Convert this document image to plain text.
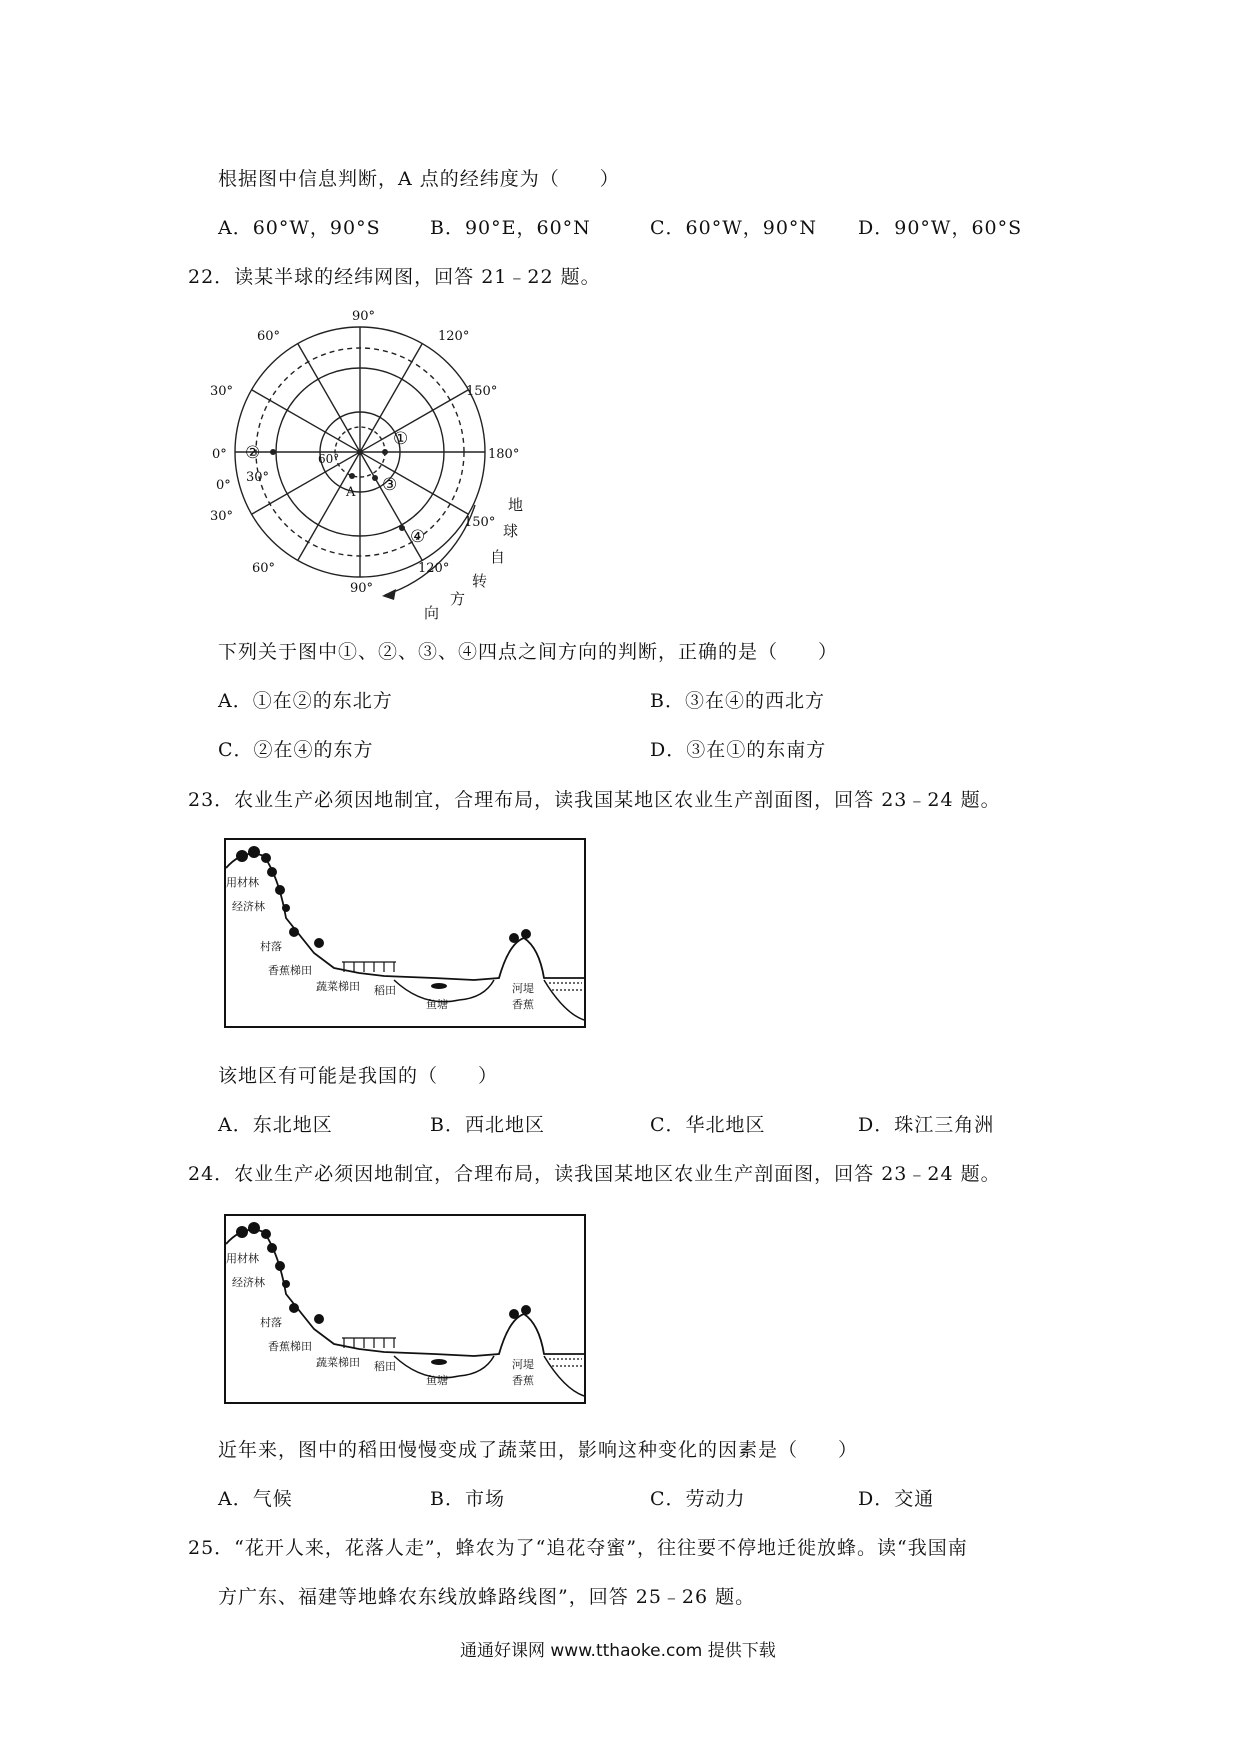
根据图中信息判断，A 点的经纬度为（　　）
A．60°W，90°S	B．90°E，60°N	C．60°W，90°N D．90°W，60°S
22．读某半球的经纬网图，回答 21﹣22 题。
90°
60°	120°
30°	150°
0°
0°
30°
30°
180°
60°
90°
120°
150°
60°
A
②
①
③
④
地
球
自
转
方
向
下列关于图中①、②、③、④四点之间方向的判断，正确的是（　　）
A．①在②的东北方	B．③在④的西北方
C．②在④的东方	D．③在①的东南方
23．农业生产必须因地制宜，合理布局，读我国某地区农业生产剖面图，回答 23﹣24 题。
用材林
经济林
村落
香蕉梯田
蔬菜梯田 稻田
鱼塘
河堤
香蕉
该地区有可能是我国的（　　）
A．东北地区	B．西北地区	C．华北地区	D．珠江三角洲
24．农业生产必须因地制宜，合理布局，读我国某地区农业生产剖面图，回答 23﹣24 题。
用材林
经济林
村落
香蕉梯田
蔬菜梯田 稻田
鱼塘
河堤
香蕉
近年来，图中的稻田慢慢变成了蔬菜田，影响这种变化的因素是（　　）
A．气候	B．市场	C．劳动力	D．交通
25．“花开人来，花落人走”，蜂农为了“追花夺蜜”，往往要不停地迁徙放蜂。读“我国南
方广东、福建等地蜂农东线放蜂路线图”，回答 25﹣26 题。
通通好课网 www.tthaoke.com 提供下载
